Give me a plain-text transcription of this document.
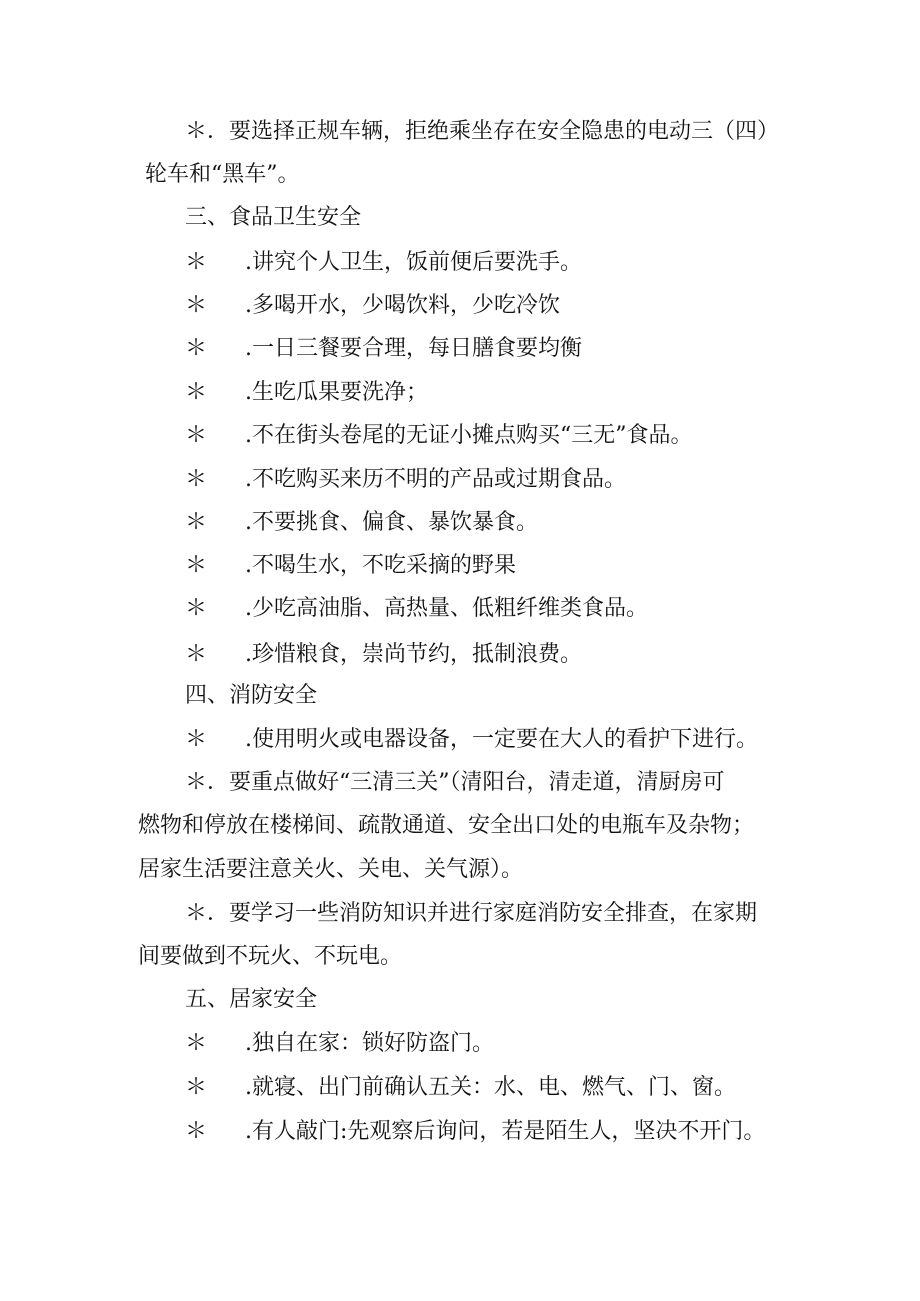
＊．要选择正规车辆，拒绝乘坐存在安全隐患的电动三（四）
轮车和“黑车”。
三、食品卫生安全
＊ .讲究个人卫生，饭前便后要洗手。
＊ .多喝开水，少喝饮料，少吃冷饮
＊ .一日三餐要合理，每日膳食要均衡
＊ .生吃瓜果要洗净；
＊ .不在街头卷尾的无证小摊点购买“三无”食品。
＊ .不吃购买来历不明的产品或过期食品。
＊ .不要挑食、偏食、暴饮暴食。
＊ .不喝生水，不吃采摘的野果
＊ .少吃高油脂、高热量、低粗纤维类食品。
＊ .珍惜粮食，崇尚节约，抵制浪费。
四、消防安全
＊ .使用明火或电器设备，一定要在大人的看护下进行。
＊．要重点做好“三清三关”（清阳台，清走道，清厨房可
燃物和停放在楼梯间、疏散通道、安全出口处的电瓶车及杂物；
居家生活要注意关火、关电、关气源）。
＊．要学习一些消防知识并进行家庭消防安全排查，在家期
间要做到不玩火、不玩电。
五、居家安全
＊ .独自在家：锁好防盗门。
＊ .就寝、出门前确认五关：水、电、燃气、门、窗。
＊ .有人敲门:先观察后询问，若是陌生人，坚决不开门。
